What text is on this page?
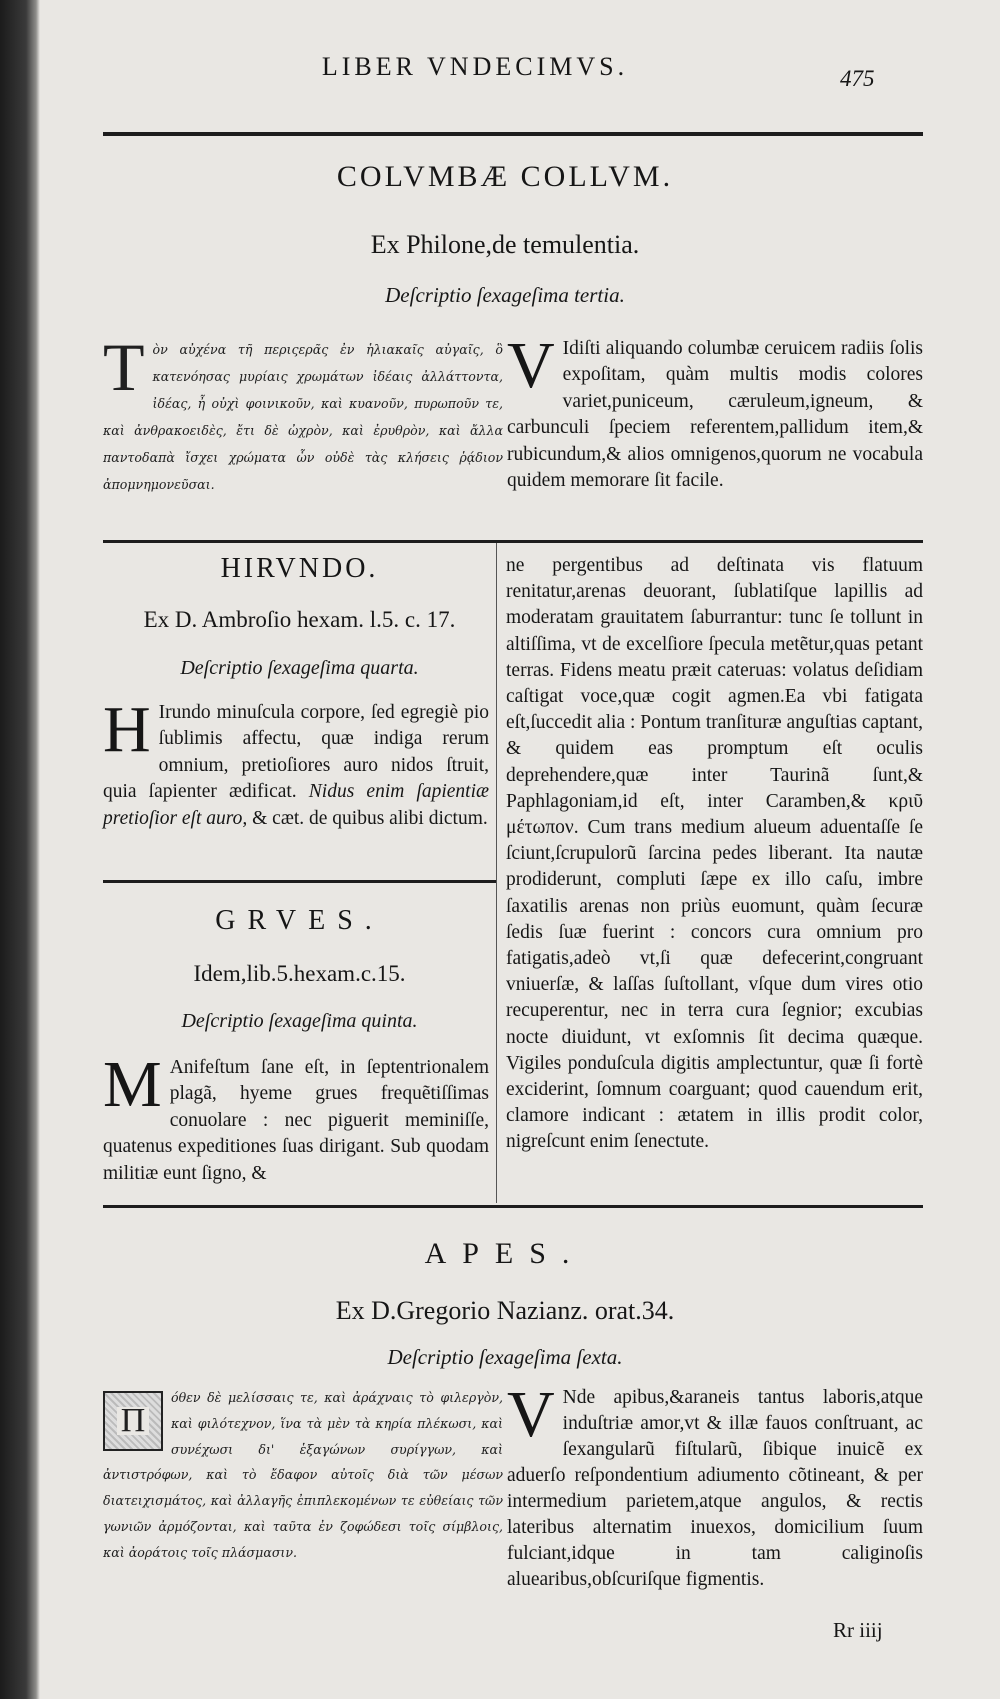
LIBER VNDECIMVS.	475
COLVMBÆ COLLVM.
Ex Philone,de temulentia.
Deſcriptio ſexageſima tertia.
T ὸν αὐχένα τῆ περιςερᾶς ἐν ἡλιακαῖς αὐγαῖς, ὃ κατενόησας μυρίαις χρωμάτων ἰδέαις ἀλλάττοντα, ἰδέας, ἦ οὐχὶ φοινικοῦν, καὶ κυανοῦν, πυρωποῦν τε, καὶ ἀνθρακοειδὲς, ἔτι δὲ ὠχρὸν, καὶ ἐρυθρὸν, καὶ ἄλλα παντοδαπὰ ἴσχει χρώματα ὧν οὐδὲ τὰς κλήσεις ῥᾴδιον ἀπομνημονεῦσαι.
V Idiſti aliquando columbæ ceruicem radiis ſolis expoſitam, quàm multis modis colores variet,puniceum, cæruleum,igneum, & carbunculi ſpeciem referentem,pallidum item,& rubicundum,& alios omnigenos,quorum ne vocabula quidem memorare ſit facile.
HIRVNDO.
Ex D. Ambroſio hexam. l.5. c. 17.
Deſcriptio ſexageſima quarta.
H Irundo minuſcula corpore, ſed egregiè pio ſublimis affectu, quæ indiga rerum omnium, pretioſiores auro nidos ſtruit, quia ſapienter ædificat. Nidus enim ſapientiæ pretioſior eſt auro, & cæt. de quibus alibi dictum.
GRVES.
Idem,lib.5.hexam.c.15.
Deſcriptio ſexageſima quinta.
M Anifeſtum ſane eſt, in ſeptentrionalem plagã, hyeme grues frequẽtiſſimas conuolare : nec piguerit meminiſſe, quatenus expeditiones ſuas dirigant. Sub quodam militiæ eunt ſigno, &
ne pergentibus ad deſtinata vis flatuum renitatur,arenas deuorant, ſublatiſque lapillis ad moderatam grauitatem ſaburrantur: tunc ſe tollunt in altiſſima, vt de excelſiore ſpecula metẽtur,quas petant terras. Fidens meatu præit cateruas: volatus deſidiam caſtigat voce,quæ cogit agmen.Ea vbi fatigata eſt,ſuccedit alia : Pontum tranſituræ anguſtias captant, & quidem eas promptum eſt oculis deprehendere,quæ inter Taurinã ſunt,& Paphlagoniam,id eſt, inter Caramben,& κριῦ μέτωπον. Cum trans medium alueum aduentaſſe ſe ſciunt,ſcrupulorũ ſarcina pedes liberant. Ita nautæ prodiderunt, compluti ſæpe ex illo caſu, imbre ſaxatilis arenas non priùs euomunt, quàm ſecuræ ſedis ſuæ fuerint : concors cura omnium pro fatigatis,adeò vt,ſi quæ defecerint,congruant vniuerſæ, & laſſas ſuſtollant, vſque dum vires otio recuperentur, nec in terra cura ſegnior; excubias nocte diuidunt, vt exſomnis ſit decima quæque. Vigiles ponduſcula digitis amplectuntur, quæ ſi fortè exciderint, ſomnum coarguant; quod cauendum erit, clamore indicant : ætatem in illis prodit color, nigreſcunt enim ſenectute.
APES.
Ex D.Gregorio Nazianz. orat.34.
Deſcriptio ſexageſima ſexta.
Π
όθεν δὲ μελίσσαις τε, καὶ ἀράχναις τὸ φιλεργὸν, καὶ φιλότεχνον, ἵνα τὰ μὲν τὰ κηρία πλέκωσι, καὶ συνέχωσι δι' ἑξαγώνων συρίγγων, καὶ ἀντιστρόφων, καὶ τὸ ἔδαφον αὐτοῖς διὰ τῶν μέσων διατειχισμάτος, καὶ ἀλλαγῆς ἐπιπλεκομένων τε εὐθείαις τῶν γωνιῶν ἀρμόζονται, καὶ ταῦτα ἐν ζοφώδεσι τοῖς σίμβλοις, καὶ ἀοράτοις τοῖς πλάσμασιν.
V Nde apibus,&araneis tantus laboris,atque induſtriæ amor,vt & illæ fauos conſtruant, ac ſexangularũ fiſtularũ, ſibique inuicẽ ex aduerſo reſpondentium adiumento cõtineant, & per intermedium parietem,atque angulos, & rectis lateribus alternatim inuexos, domicilium ſuum fulciant,idque in tam caliginoſis aluearibus,obſcuriſque figmentis.
Rr iiij
